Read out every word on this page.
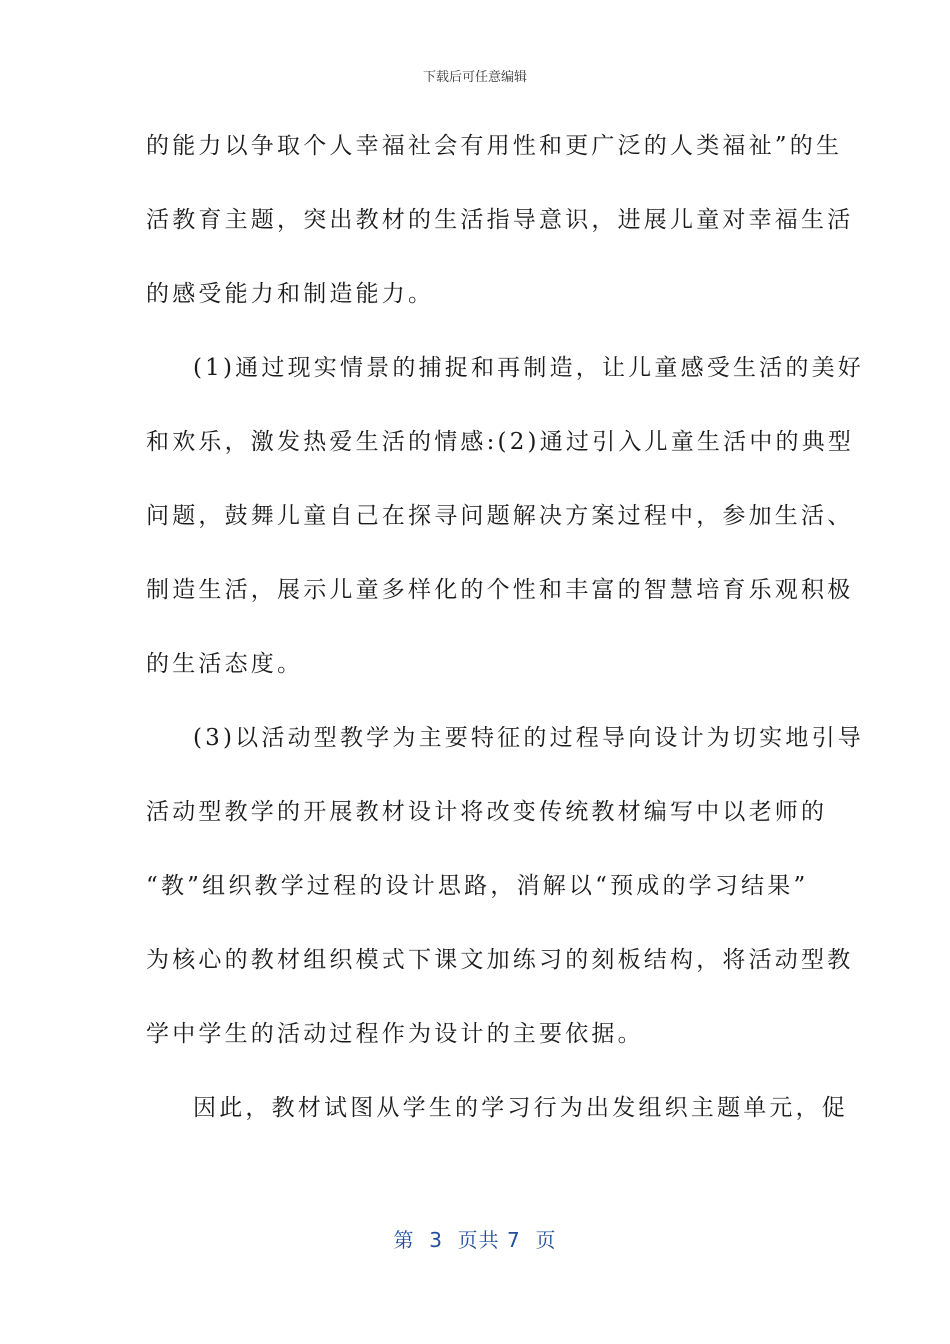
下载后可任意编辑
的能力以争取个人幸福社会有用性和更广泛的人类福祉”的生
活教育主题，突出教材的生活指导意识，进展儿童对幸福生活
的感受能力和制造能力。
(1)通过现实情景的捕捉和再制造，让儿童感受生活的美好
和欢乐，激发热爱生活的情感:(2)通过引入儿童生活中的典型
问题，鼓舞儿童自己在探寻问题解决方案过程中，参加生活、
制造生活，展示儿童多样化的个性和丰富的智慧培育乐观积极
的生活态度。
(3)以活动型教学为主要特征的过程导向设计为切实地引导
活动型教学的开展教材设计将改变传统教材编写中以老师的
“教”组织教学过程的设计思路，消解以“预成的学习结果”
为核心的教材组织模式下课文加练习的刻板结构，将活动型教
学中学生的活动过程作为设计的主要依据。
因此，教材试图从学生的学习行为出发组织主题单元，促
第  3  页共 7  页
